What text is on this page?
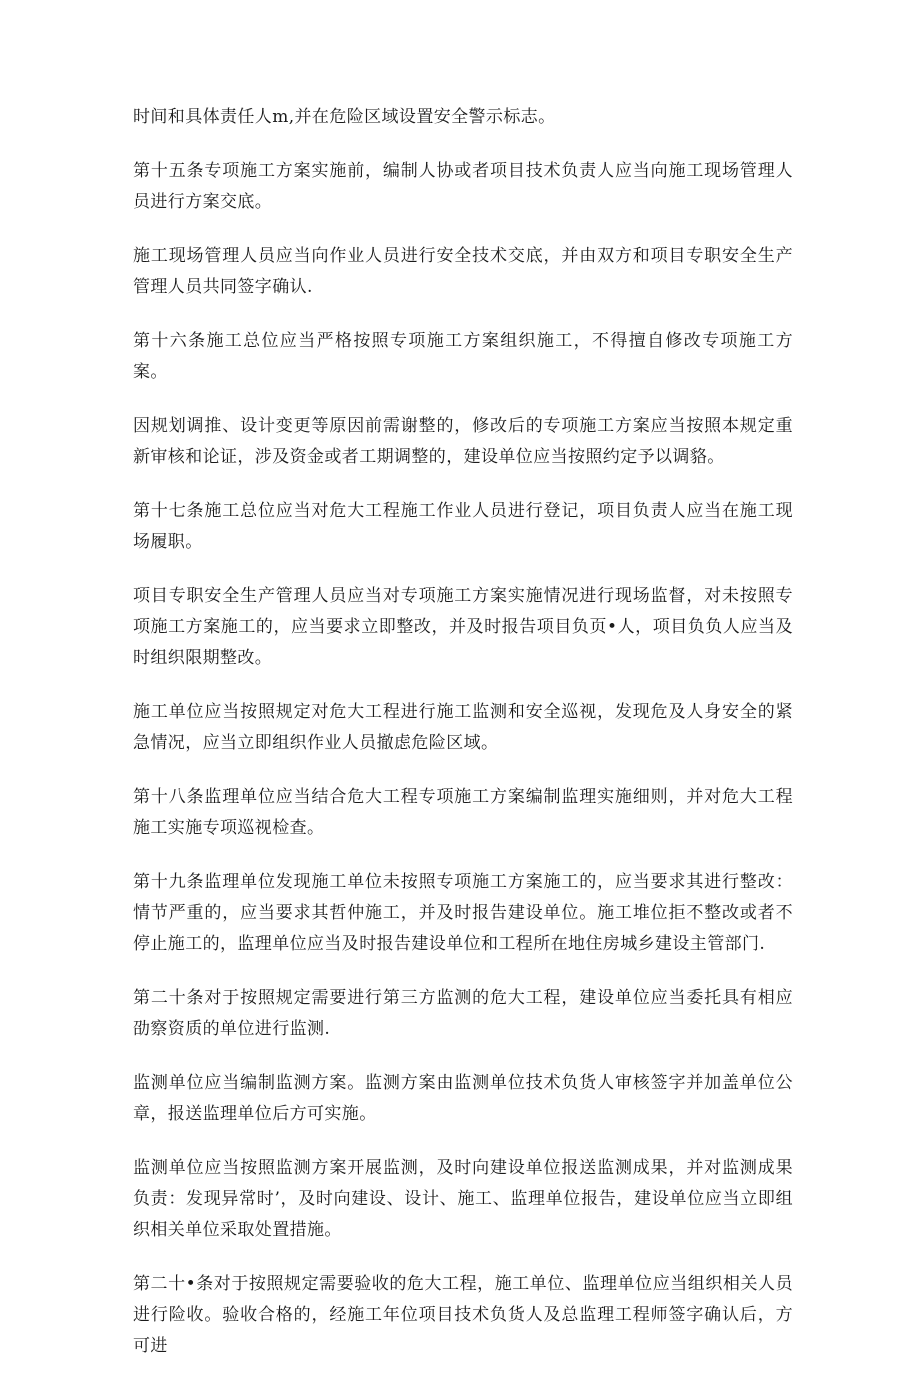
时间和具体责任人m,并在危险区域设置安全警示标志。

第十五条专项施工方案实施前，编制人协或者项目技术负责人应当向施工现场管理人员进行方案交底。

施工现场管理人员应当向作业人员进行安全技术交底，并由双方和项目专职安全生产管理人员共同签字确认.

第十六条施工总位应当严格按照专项施工方案组织施工，不得擅自修改专项施工方案。

因规划调推、设计变更等原因前需谢整的，修改后的专项施工方案应当按照本规定重新审核和论证，涉及资金或者工期调整的，建设单位应当按照约定予以调貉。

第十七条施工总位应当对危大工程施工作业人员进行登记，项目负责人应当在施工现场履职。

项目专职安全生产管理人员应当对专项施工方案实施情况进行现场监督，对未按照专项施工方案施工的，应当要求立即整改，并及时报告项目负页•人，项目负负人应当及时组织限期整改。

施工单位应当按照规定对危大工程进行施工监测和安全巡视，发现危及人身安全的紧急情况，应当立即组织作业人员撤虑危险区域。

第十八条监理单位应当结合危大工程专项施工方案编制监理实施细则，并对危大工程施工实施专项巡视检查。

第十九条监理单位发现施工单位未按照专项施工方案施工的，应当要求其进行整改：情节严重的，应当要求其哲仲施工，并及时报告建设单位。施工堆位拒不整改或者不停止施工的，监理单位应当及时报告建设单位和工程所在地住房城乡建设主管部门.

第二十条对于按照规定需要进行第三方监测的危大工程，建设单位应当委托具有相应劭察资质的单位进行监测.

监测单位应当编制监测方案。监测方案由监测单位技术负货人审核签字并加盖单位公章，报送监理单位后方可实施。

监测单位应当按照监测方案开展监测，及时向建设单位报送监测成果，并对监测成果负责：发现异常时’，及时向建设、设计、施工、监理单位报告，建设单位应当立即组织相关单位采取处置措施。

第二十•条对于按照规定需要验收的危大工程，施工单位、监理单位应当组织相关人员进行险收。验收合格的，经施工年位项目技术负货人及总监理工程师签字确认后，方可进
